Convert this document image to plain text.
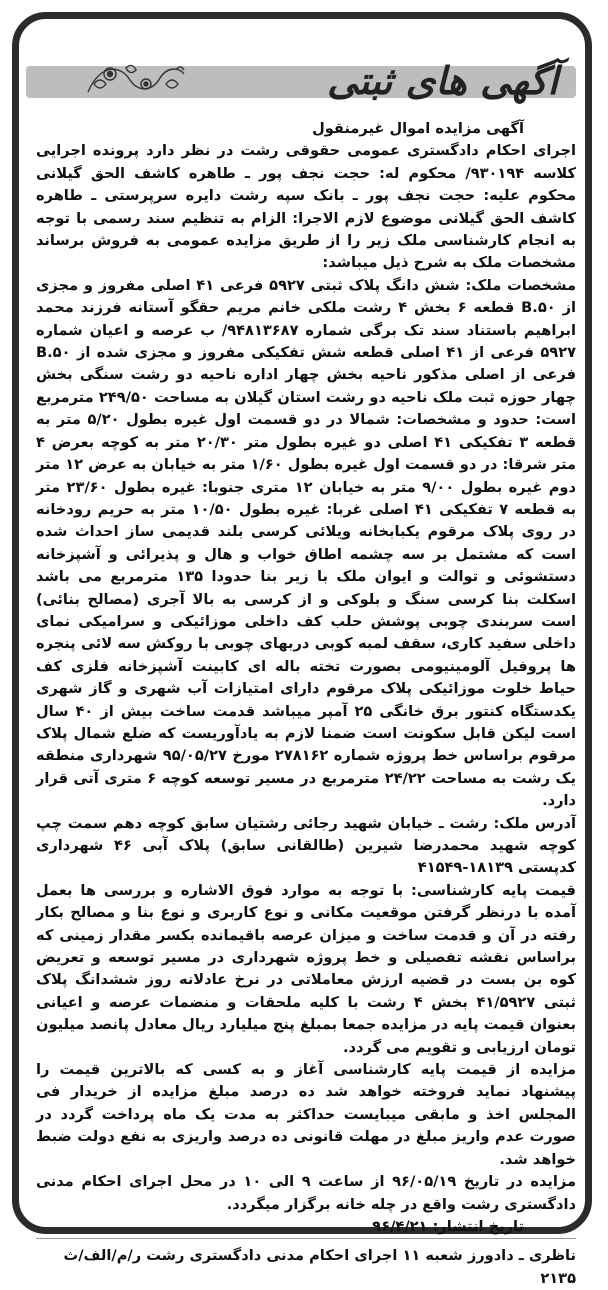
آگهی های ثبتی

آگهی مزایده اموال غیرمنقول

اجرای احکام دادگستری عمومی حقوقی رشت در نظر دارد پرونده اجرایی کلاسه ۹۳۰۱۹۴/ محکوم له: حجت نجف پور ـ طاهره کاشف الحق گیلانی محکوم علیه: حجت نجف پور ـ بانک سپه رشت دایره سرپرستی ـ طاهره کاشف الحق گیلانی موضوع لازم الاجرا: الزام به تنظیم سند رسمی با توجه به انجام کارشناسی ملک زیر را از طریق مزایده عمومی به فروش برساند مشخصات ملک به شرح ذیل میباشد:

مشخصات ملک: شش دانگ پلاک ثبتی ۵۹۲۷ فرعی ۴۱ اصلی مفروز و مجزی از B.۵۰ قطعه ۶ بخش ۴ رشت ملکی خانم مریم حقگو آستانه فرزند محمد ابراهیم باستناد سند تک برگی شماره ۹۴۸۱۳۶۸۷/ ب عرصه و اعیان شماره ۵۹۲۷ فرعی از ۴۱ اصلی قطعه شش تفکیکی مفروز و مجزی شده از B.۵۰ فرعی از اصلی مذکور ناحیه بخش چهار اداره ناحیه دو رشت سنگی بخش چهار حوزه ثبت ملک ناحیه دو رشت استان گیلان به مساحت ۲۴۹/۵۰ مترمربع است: حدود و مشخصات: شمالا در دو قسمت اول غیره بطول ۵/۲۰ متر به قطعه ۳ تفکیکی ۴۱ اصلی دو غیره بطول متر ۲۰/۳۰ متر به کوچه بعرض ۴ متر شرقا: در دو قسمت اول غیره بطول ۱/۶۰ متر به خیابان به عرض ۱۲ متر دوم غیره بطول ۹/۰۰ متر به خیابان ۱۲ متری جنوبا: غیره بطول ۲۳/۶۰ متر به قطعه ۷ تفکیکی ۴۱ اصلی غربا: غیره بطول ۱۰/۵۰ متر به حریم رودخانه در روی پلاک مرقوم یکبابخانه ویلائی کرسی بلند قدیمی ساز احداث شده است که مشتمل بر سه چشمه اطاق خواب و هال و پذیرائی و آشپزخانه دستشوئی و توالت و ایوان ملک با زیر بنا حدودا ۱۳۵ مترمربع می باشد اسکلت بنا کرسی سنگ و بلوکی و از کرسی به بالا آجری (مصالح بنائی) است سربندی چوبی پوشش حلب کف داخلی موزائیکی و سرامیکی نمای داخلی سفید کاری، سقف لمبه کوبی دربهای چوبی با روکش سه لائی پنجره ها پروفیل آلومینیومی بصورت تخته باله ای کابینت آشپزخانه فلزی کف حیاط خلوت موزائیکی پلاک مرقوم دارای امتیازات آب شهری و گاز شهری یکدستگاه کنتور برق خانگی ۲۵ آمپر میباشد قدمت ساخت بیش از ۴۰ سال است لیکن قابل سکونت است ضمنا لازم به یادآوریست که ضلع شمال پلاک مرقوم براساس خط پروژه شماره ۲۷۸۱۶۲ مورخ ۹۵/۰۵/۲۷ شهرداری منطقه یک رشت به مساحت ۲۴/۲۲ مترمربع در مسیر توسعه کوچه ۶ متری آتی قرار دارد.

آدرس ملک: رشت ـ خیابان شهید رجائی رشتیان سابق کوچه دهم سمت چپ کوچه شهید محمدرضا شیرین (طالقانی سابق) پلاک آبی ۴۶ شهرداری کدپستی ۱۸۱۳۹-۴۱۵۴۹

قیمت پایه کارشناسی: با توجه به موارد فوق الاشاره و بررسی ها بعمل آمده با درنظر گرفتن موقعیت مکانی و نوع کاربری و نوع بنا و مصالح بکار رفته در آن و قدمت ساخت و میزان عرصه باقیمانده بکسر مقدار زمینی که براساس نقشه تفصیلی و خط پروژه شهرداری در مسیر توسعه و تعریض کوه بن بست در قضیه ارزش معاملاتی در نرخ عادلانه روز ششدانگ پلاک ثبتی ۴۱/۵۹۲۷ بخش ۴ رشت با کلیه ملحقات و منضمات عرصه و اعیانی بعنوان قیمت پایه در مزایده جمعا بمبلغ پنج میلیارد ریال معادل پانصد میلیون تومان ارزیابی و تقویم می گردد.

مزایده از قیمت پایه کارشناسی آغاز و به کسی که بالاترین قیمت را پیشنهاد نماید فروخته خواهد شد ده درصد مبلغ مزایده از خریدار فی المجلس اخذ و مابقی میبایست حداکثر به مدت یک ماه پرداخت گردد در صورت عدم واریز مبلغ در مهلت قانونی ده درصد واریزی به نفع دولت ضبط خواهد شد.

مزایده در تاریخ ۹۶/۰۵/۱۹ از ساعت ۹ الی ۱۰ در محل اجرای احکام مدنی دادگستری رشت واقع در چله خانه برگزار میگردد.

تاریخ انتشار: ۹۶/۴/۲۱

ناظری ـ دادورز شعبه ۱۱ اجرای احکام مدنی دادگستری رشت ر/م/الف/ث ۲۱۳۵
